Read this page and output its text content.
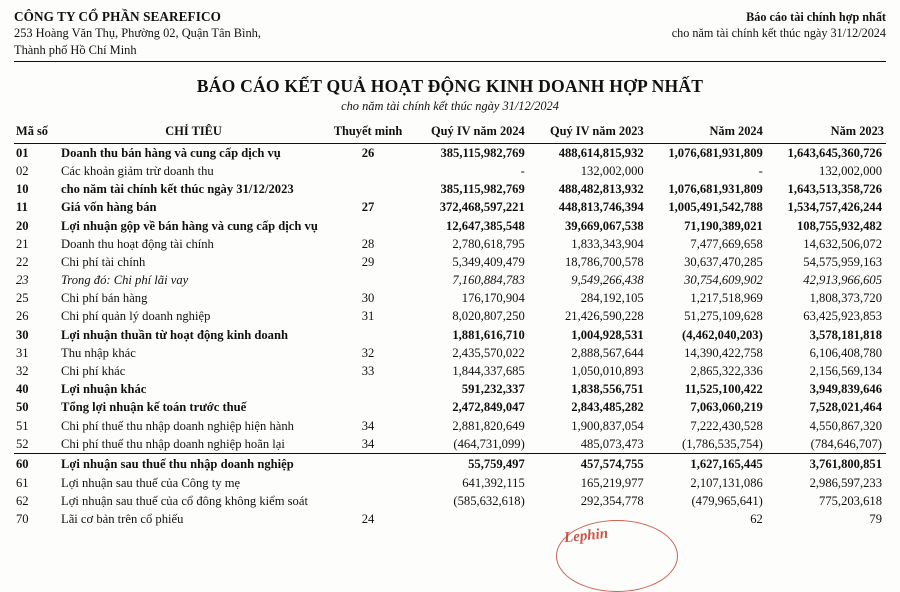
CÔNG TY CỔ PHẦN SEAREFICO
253 Hoàng Văn Thụ, Phường 02, Quận Tân Bình,
Thành phố Hồ Chí Minh
Báo cáo tài chính hợp nhất
cho năm tài chính kết thúc ngày 31/12/2024
BÁO CÁO KẾT QUẢ HOẠT ĐỘNG KINH DOANH HỢP NHẤT
cho năm tài chính kết thúc ngày 31/12/2024
Mã số	CHỈ TIÊU	Thuyết minh	Quý IV năm 2024	Quý IV năm 2023	Năm 2024	Năm 2023
01	Doanh thu bán hàng và cung cấp dịch vụ	26	385,115,982,769	488,614,815,932	1,076,681,931,809	1,643,645,360,726
02	Các khoản giảm trừ doanh thu		-	132,002,000	-	132,002,000
10	cho năm tài chính kết thúc ngày 31/12/2023		385,115,982,769	488,482,813,932	1,076,681,931,809	1,643,513,358,726
11	Giá vốn hàng bán	27	372,468,597,221	448,813,746,394	1,005,491,542,788	1,534,757,426,244
20	Lợi nhuận gộp về bán hàng và cung cấp dịch vụ		12,647,385,548	39,669,067,538	71,190,389,021	108,755,932,482
21	Doanh thu hoạt động tài chính	28	2,780,618,795	1,833,343,904	7,477,669,658	14,632,506,072
22	Chi phí tài chính	29	5,349,409,479	18,786,700,578	30,637,470,285	54,575,959,163
23	Trong đó: Chi phí lãi vay		7,160,884,783	9,549,266,438	30,754,609,902	42,913,966,605
25	Chi phí bán hàng	30	176,170,904	284,192,105	1,217,518,969	1,808,373,720
26	Chi phí quản lý doanh nghiệp	31	8,020,807,250	21,426,590,228	51,275,109,628	63,425,923,853
30	Lợi nhuận thuần từ hoạt động kinh doanh		1,881,616,710	1,004,928,531	(4,462,040,203)	3,578,181,818
31	Thu nhập khác	32	2,435,570,022	2,888,567,644	14,390,422,758	6,106,408,780
32	Chi phí khác	33	1,844,337,685	1,050,010,893	2,865,322,336	2,156,569,134
40	Lợi nhuận khác		591,232,337	1,838,556,751	11,525,100,422	3,949,839,646
50	Tổng lợi nhuận kế toán trước thuế		2,472,849,047	2,843,485,282	7,063,060,219	7,528,021,464
51	Chi phí thuế thu nhập doanh nghiệp hiện hành	34	2,881,820,649	1,900,837,054	7,222,430,528	4,550,867,320
52	Chi phí thuế thu nhập doanh nghiệp hoãn lại	34	(464,731,099)	485,073,473	(1,786,535,754)	(784,646,707)
60	Lợi nhuận sau thuế thu nhập doanh nghiệp		55,759,497	457,574,755	1,627,165,445	3,761,800,851
61	Lợi nhuận sau thuế của Công ty mẹ		641,392,115	165,219,977	2,107,131,086	2,986,597,233
62	Lợi nhuận sau thuế của cổ đông không kiểm soát		(585,632,618)	292,354,778	(479,965,641)	775,203,618
70	Lãi cơ bản trên cổ phiếu	24			62	79
Lephin
